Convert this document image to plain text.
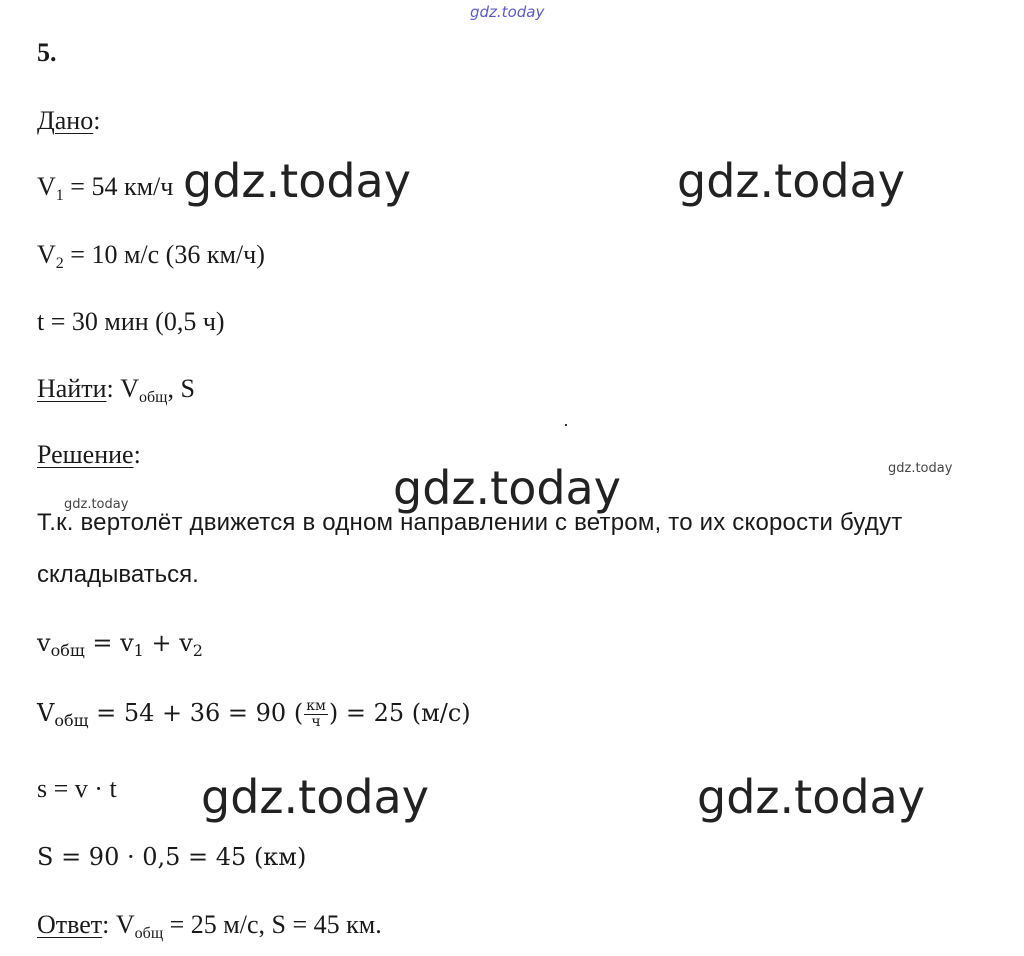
gdz.today
5.
Дано:
$V_1 = 54$ км/ч
$V_2 = 10$ м/с (36 км/ч)
t = 30 мин (0,5 ч)
Найти: $V_{общ}$, S
Решение:
Т.к. вертолёт движется в одном направлении с ветром, то их скорости будут
складываться.
$v_{общ} = v_1 + v_2$
$V_{общ} = 54 + 36 = 90$ ( $\frac{км}{ч}$ ) = 25 (м/с)
s = v · t
S = 90 · 0,5 = 45 (км)
Ответ: $V_{общ} = 25$ м/с, S = 45 км.
gdz.today	gdz.today
gdz.today
gdz.today	gdz.today
gdz.today
gdz.today
